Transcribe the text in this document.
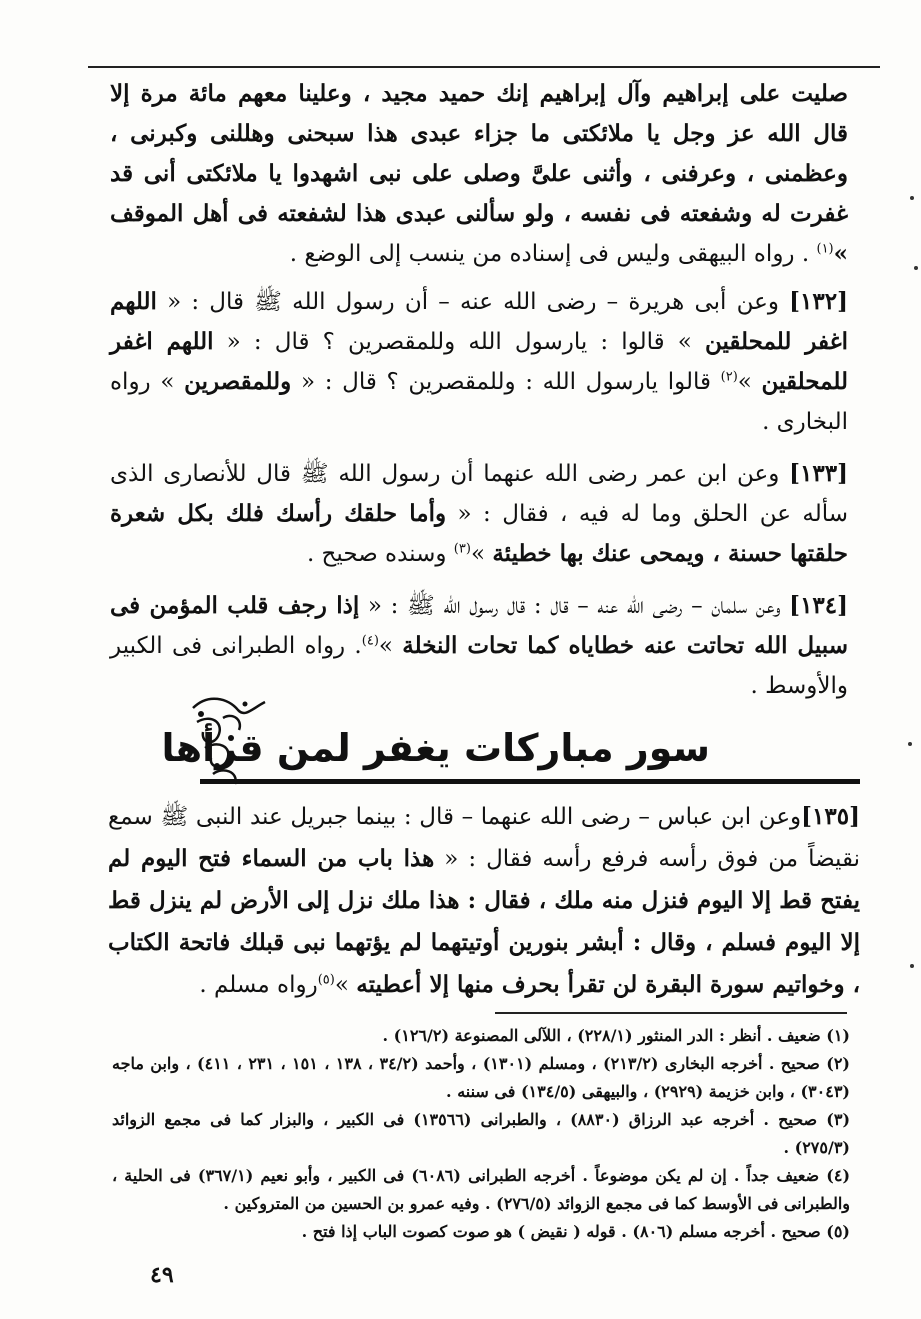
صليت على إبراهيم وآل إبراهيم إنك حميد مجيد ، وعلينا معهم مائة مرة إلا قال الله عز وجل يا ملائكتى ما جزاء عبدى هذا سبحنى وهللنى وكبرنى ، وعظمنى ، وعرفنى ، وأثنى علىَّ وصلى على نبى اشهدوا يا ملائكتى أنى قد غفرت له وشفعته فى نفسه ، ولو سألنى عبدى هذا لشفعته فى أهل الموقف »$^{(١)}$ . رواه البيهقى وليس فى إسناده من ينسب إلى الوضع .

[١٣٢] وعن أبى هريرة – رضى الله عنه – أن رسول الله ﷺ قال : « اللهم اغفر للمحلقين » قالوا : يارسول الله وللمقصرين ؟ قال : « اللهم اغفر للمحلقين »$^{(٢)}$ قالوا يارسول الله : وللمقصرين ؟ قال : « وللمقصرين » رواه البخارى .

[١٣٣] وعن ابن عمر رضى الله عنهما أن رسول الله ﷺ قال للأنصارى الذى سأله عن الحلق وما له فيه ، فقال : « وأما حلقك رأسك فلك بكل شعرة حلقتها حسنة ، ويمحى عنك بها خطيئة »$^{(٣)}$ وسنده صحيح .

[١٣٤] وعن سلمان – رضى الله عنه – قال : قال رسول الله ﷺ : « إذا رجف قلب المؤمن فى سبيل الله تحاتت عنه خطاياه كما تحات النخلة »$^{(٤)}$. رواه الطبرانى فى الكبير والأوسط .

سور مباركات يغفر لمن قرأها

[١٣٥]وعن ابن عباس – رضى الله عنهما – قال : بينما جبريل عند النبى ﷺ سمع نقيضاً من فوق رأسه فرفع رأسه فقال : « هذا باب من السماء فتح اليوم لم يفتح قط إلا اليوم فنزل منه ملك ، فقال : هذا ملك نزل إلى الأرض لم ينزل قط إلا اليوم فسلم ، وقال : أبشر بنورين أوتيتهما لم يؤتهما نبى قبلك فاتحة الكتاب ، وخواتيم سورة البقرة لن تقرأ بحرف منها إلا أعطيته »$^{(٥)}$رواه مسلم .

(١) ضعيف . أنظر : الدر المنثور (٢٢٨/١) ، اللآلى المصنوعة (١٢٦/٢) .

(٢) صحيح . أخرجه البخارى (٢١٣/٢) ، ومسلم (١٣٠١) ، وأحمد (٣٤/٢ ، ١٣٨ ، ١٥١ ، ٢٣١ ، ٤١١) ، وابن ماجه (٣٠٤٣) ، وابن خزيمة (٢٩٢٩) ، والبيهقى (١٣٤/٥) فى سننه .

(٣) صحيح . أخرجه عبد الرزاق (٨٨٣٠) ، والطبرانى (١٣٥٦٦) فى الكبير ، والبزار كما فى مجمع الزوائد (٢٧٥/٣) .

(٤) ضعيف جداً . إن لم يكن موضوعاً . أخرجه الطبرانى (٦٠٨٦) فى الكبير ، وأبو نعيم (٣٦٧/١) فى الحلية ، والطبرانى فى الأوسط كما فى مجمع الزوائد (٢٧٦/٥) . وفيه عمرو بن الحسين من المتروكين .

(٥) صحيح . أخرجه مسلم (٨٠٦) . قوله ( نقيض ) هو صوت كصوت الباب إذا فتح .

٤٩
